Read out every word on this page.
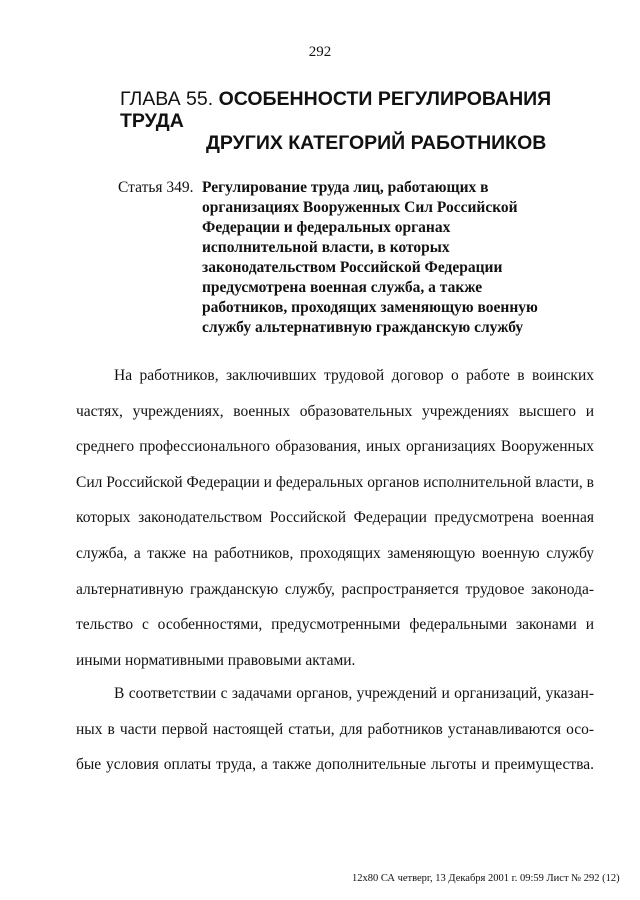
292
ГЛАВА 55. ОСОБЕННОСТИ РЕГУЛИРОВАНИЯ ТРУДА
ДРУГИХ КАТЕГОРИЙ РАБОТНИКОВ
Статья 349. Регулирование труда лиц, работающих в
организациях Вооруженных Сил Российской
Федерации и федеральных органах
исполнительной власти, в которых
законодательством Российской Федерации
предусмотрена военная служба, а также
работников, проходящих заменяющую военную
службу альтернативную гражданскую службу
На работников, заключивших трудовой договор о работе в воинских
частях, учреждениях, военных образовательных учреждениях высшего и
среднего профессионального образования, иных организациях Вооруженных
Сил Российской Федерации и федеральных органов исполнительной власти, в
которых законодательством Российской Федерации предусмотрена военная
служба, а также на работников, проходящих заменяющую военную службу
альтернативную гражданскую службу, распространяется трудовое законода-
тельство с особенностями, предусмотренными федеральными законами и
иными нормативными правовыми актами.
В соответствии с задачами органов, учреждений и организаций, указан-
ных в части первой настоящей статьи, для работников устанавливаются осо-
бые условия оплаты труда, а также дополнительные льготы и преимущества.
12х80 СА четверг, 13 Декабря 2001 г. 09:59 Лист № 292 (12)
